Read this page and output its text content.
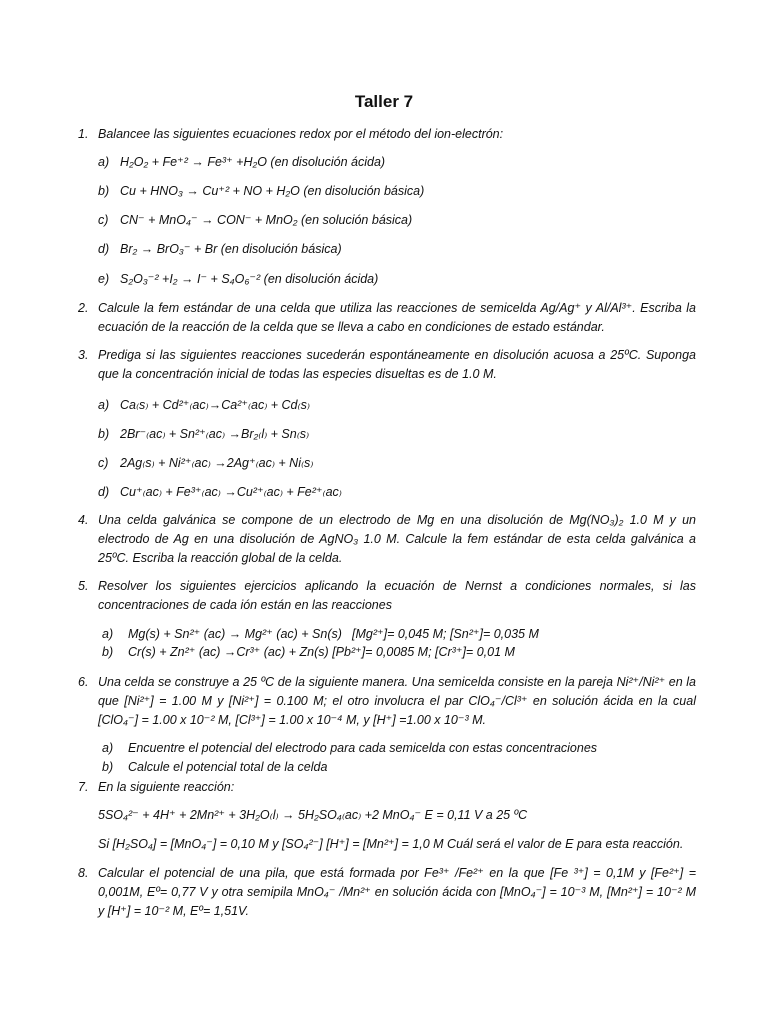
Taller 7
1. Balancee las siguientes ecuaciones redox por el método del ion-electrón:
a) H₂O₂ + Fe⁺² → Fe³⁺ +H₂O (en disolución ácida)
b) Cu + HNO₃ → Cu⁺² + NO + H₂O (en disolución básica)
c) CN⁻ + MnO₄⁻ → CON⁻ + MnO₂ (en solución básica)
d) Br₂ → BrO₃⁻ + Br (en disolución básica)
e) S₂O₃⁻² +I₂ → I⁻ + S₄O₆⁻² (en disolución ácida)
2. Calcule la fem estándar de una celda que utiliza las reacciones de semicelda Ag/Ag⁺ y Al/Al³⁺. Escriba la ecuación de la reacción de la celda que se lleva a cabo en condiciones de estado estándar.
3. Prediga si las siguientes reacciones sucederán espontáneamente en disolución acuosa a 25ºC. Suponga que la concentración inicial de todas las especies disueltas es de 1.0 M.
a) Ca₍s₎ + Cd²⁺₍ac₎→Ca²⁺₍ac₎ + Cd₍s₎
b) 2Br⁻₍ac₎ + Sn²⁺₍ac₎ →Br₂₍l₎ + Sn₍s₎
c) 2Ag₍s₎ + Ni²⁺₍ac₎ →2Ag⁺₍ac₎ + Ni₍s₎
d) Cu⁺₍ac₎ + Fe³⁺₍ac₎ →Cu²⁺₍ac₎ + Fe²⁺₍ac₎
4. Una celda galvánica se compone de un electrodo de Mg en una disolución de Mg(NO₃)₂ 1.0 M y un electrodo de Ag en una disolución de AgNO₃ 1.0 M. Calcule la fem estándar de esta celda galvánica a 25ºC. Escriba la reacción global de la celda.
5. Resolver los siguientes ejercicios aplicando la ecuación de Nernst a condiciones normales, si las concentraciones de cada ión están en las reacciones
a) Mg(s) + Sn²⁺ (ac) → Mg²⁺ (ac) + Sn(s) [Mg²⁺]= 0,045 M; [Sn²⁺]= 0,035 M
b) Cr(s) + Zn²⁺ (ac) →Cr³⁺ (ac) + Zn(s) [Pb²⁺]= 0,0085 M; [Cr³⁺]= 0,01 M
6. Una celda se construye a 25 ºC de la siguiente manera. Una semicelda consiste en la pareja Ni²⁺/Ni²⁺ en la que [Ni²⁺] = 1.00 M y [Ni²⁺] = 0.100 M; el otro involucra el par ClO₄⁻/Cl³⁺ en solución ácida en la cual [ClO₄⁻] = 1.00 x 10⁻² M, [Cl³⁺] = 1.00 x 10⁻⁴ M, y [H⁺] =1.00 x 10⁻³ M.
a) Encuentre el potencial del electrodo para cada semicelda con estas concentraciones
b) Calcule el potencial total de la celda
7. En la siguiente reacción:
5SO₄²⁻ + 4H⁺ + 2Mn²⁺ + 3H₂O₍l₎ → 5H₂SO₄₍ac₎ +2 MnO₄⁻ E = 0,11 V a 25 ºC
Si [H₂SO₄] = [MnO₄⁻] = 0,10 M y [SO₄²⁻] [H⁺] = [Mn²⁺] = 1,0 M Cuál será el valor de E para esta reacción.
8. Calcular el potencial de una pila, que está formada por Fe³⁺ /Fe²⁺ en la que [Fe ³⁺] = 0,1M y [Fe²⁺] = 0,001M, Eº= 0,77 V y otra semipila MnO₄⁻ /Mn²⁺ en solución ácida con [MnO₄⁻] = 10⁻³ M, [Mn²⁺] = 10⁻² M y [H⁺] = 10⁻² M, Eº= 1,51V.
